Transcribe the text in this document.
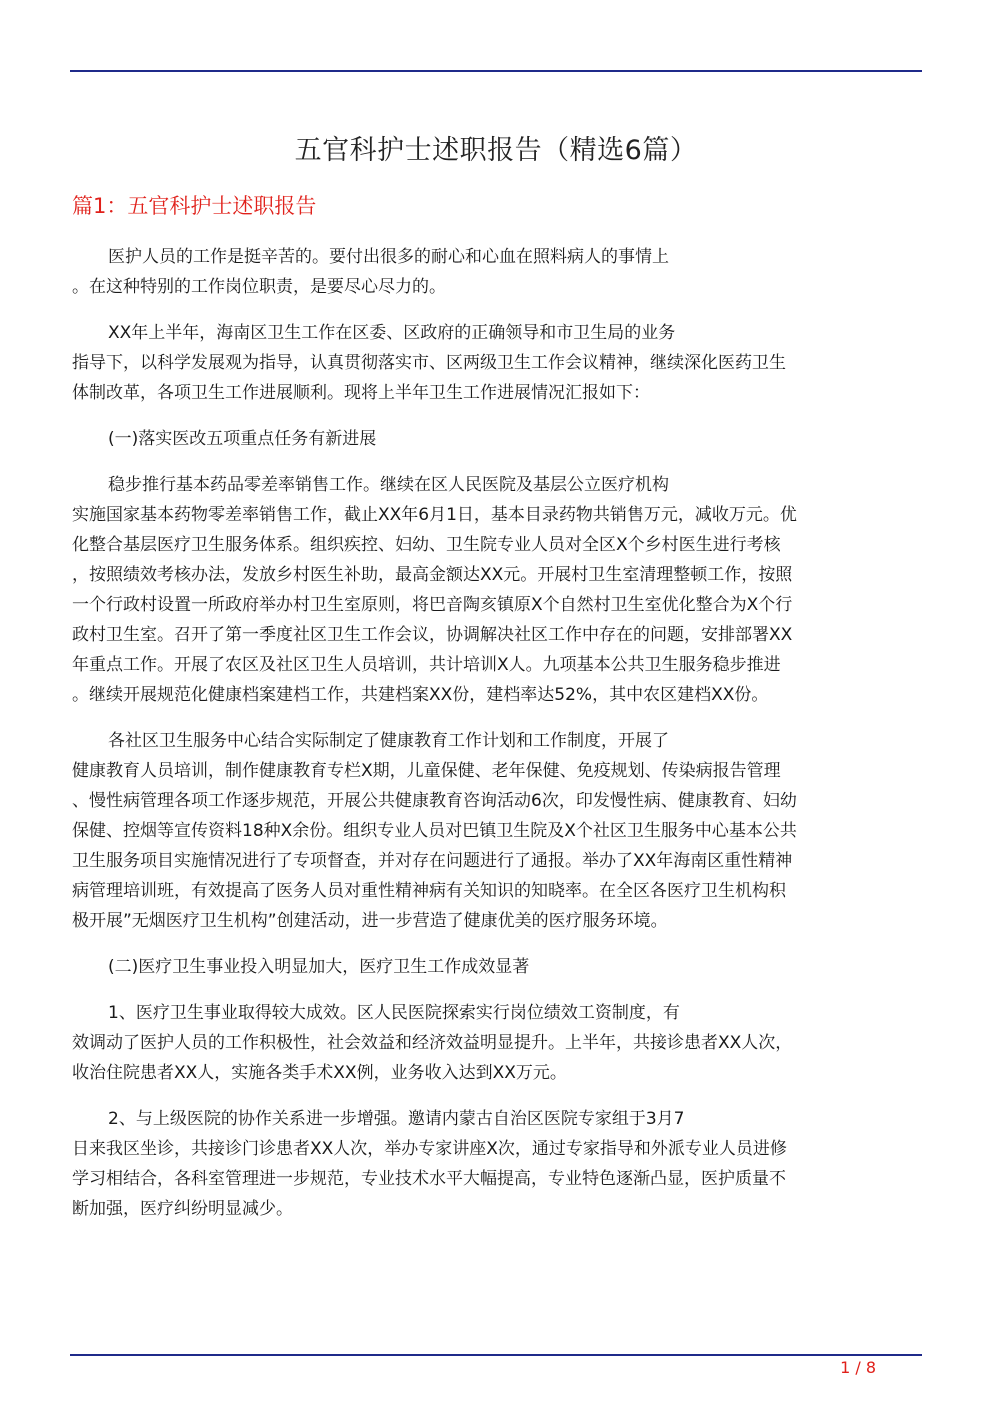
五官科护士述职报告（精选6篇）
篇1：五官科护士述职报告

医护人员的工作是挺辛苦的。要付出很多的耐心和心血在照料病人的事情上
。在这种特别的工作岗位职责，是要尽心尽力的。

XX年上半年，海南区卫生工作在区委、区政府的正确领导和市卫生局的业务
指导下，以科学发展观为指导，认真贯彻落实市、区两级卫生工作会议精神，继续深化医药卫生
体制改革，各项卫生工作进展顺利。现将上半年卫生工作进展情况汇报如下：

(一)落实医改五项重点任务有新进展

稳步推行基本药品零差率销售工作。继续在区人民医院及基层公立医疗机构
实施国家基本药物零差率销售工作，截止XX年6月1日，基本目录药物共销售万元，减收万元。优
化整合基层医疗卫生服务体系。组织疾控、妇幼、卫生院专业人员对全区X个乡村医生进行考核
，按照绩效考核办法，发放乡村医生补助，最高金额达XX元。开展村卫生室清理整顿工作，按照
一个行政村设置一所政府举办村卫生室原则，将巴音陶亥镇原X个自然村卫生室优化整合为X个行
政村卫生室。召开了第一季度社区卫生工作会议，协调解决社区工作中存在的问题，安排部署XX
年重点工作。开展了农区及社区卫生人员培训，共计培训X人。九项基本公共卫生服务稳步推进
。继续开展规范化健康档案建档工作，共建档案XX份，建档率达52%，其中农区建档XX份。

各社区卫生服务中心结合实际制定了健康教育工作计划和工作制度，开展了
健康教育人员培训，制作健康教育专栏X期，儿童保健、老年保健、免疫规划、传染病报告管理
、慢性病管理各项工作逐步规范，开展公共健康教育咨询活动6次，印发慢性病、健康教育、妇幼
保健、控烟等宣传资料18种X余份。组织专业人员对巴镇卫生院及X个社区卫生服务中心基本公共
卫生服务项目实施情况进行了专项督查，并对存在问题进行了通报。举办了XX年海南区重性精神
病管理培训班，有效提高了医务人员对重性精神病有关知识的知晓率。在全区各医疗卫生机构积
极开展”无烟医疗卫生机构”创建活动，进一步营造了健康优美的医疗服务环境。

(二)医疗卫生事业投入明显加大，医疗卫生工作成效显著

1、医疗卫生事业取得较大成效。区人民医院探索实行岗位绩效工资制度，有
效调动了医护人员的工作积极性，社会效益和经济效益明显提升。上半年，共接诊患者XX人次，
收治住院患者XX人，实施各类手术XX例，业务收入达到XX万元。

2、与上级医院的协作关系进一步增强。邀请内蒙古自治区医院专家组于3月7
日来我区坐诊，共接诊门诊患者XX人次，举办专家讲座X次，通过专家指导和外派专业人员进修
学习相结合，各科室管理进一步规范，专业技术水平大幅提高，专业特色逐渐凸显，医护质量不
断加强，医疗纠纷明显减少。

1 / 8
